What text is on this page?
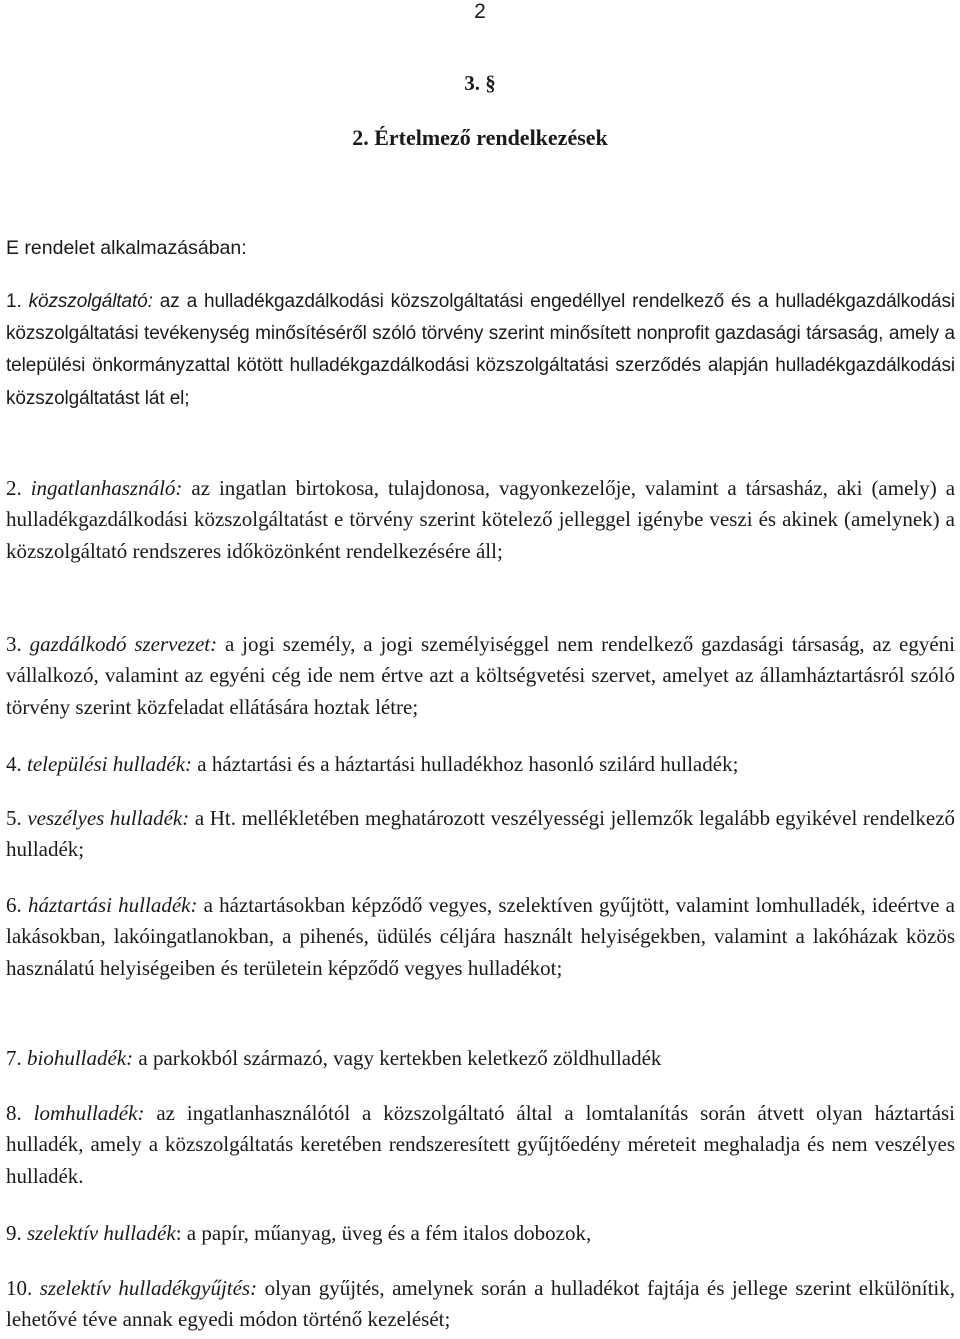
2
3. §
2. Értelmező rendelkezések
E rendelet alkalmazásában:

1. közszolgáltató: az a hulladékgazdálkodási közszolgáltatási engedéllyel rendelkező és a hulladékgazdálkodási közszolgáltatási tevékenység minősítéséről szóló törvény szerint minősített nonprofit gazdasági társaság, amely a települési önkormányzattal kötött hulladékgazdálkodási közszolgáltatási szerződés alapján hulladékgazdálkodási közszolgáltatást lát el;

2. ingatlanhasználó: az ingatlan birtokosa, tulajdonosa, vagyonkezelője, valamint a társasház, aki (amely) a hulladékgazdálkodási közszolgáltatást e törvény szerint kötelező jelleggel igénybe veszi és akinek (amelynek) a közszolgáltató rendszeres időközönként rendelkezésére áll;

3. gazdálkodó szervezet: a jogi személy, a jogi személyiséggel nem rendelkező gazdasági társaság, az egyéni vállalkozó, valamint az egyéni cég ide nem értve azt a költségvetési szervet, amelyet az államháztartásról szóló törvény szerint közfeladat ellátására hoztak létre;

4. települési hulladék: a háztartási és a háztartási hulladékhoz hasonló szilárd hulladék;

5. veszélyes hulladék: a Ht. mellékletében meghatározott veszélyességi jellemzők legalább egyikével rendelkező hulladék;

6. háztartási hulladék: a háztartásokban képződő vegyes, szelektíven gyűjtött, valamint lomhulladék, ideértve a lakásokban, lakóingatlanokban, a pihenés, üdülés céljára használt helyiségekben, valamint a lakóházak közös használatú helyiségeiben és területein képződő vegyes hulladékot;

7. biohulladék: a parkokból származó, vagy kertekben keletkező zöldhulladék

8. lomhulladék: az ingatlanhasználótól a közszolgáltató által a lomtalanítás során átvett olyan háztartási hulladék, amely a közszolgáltatás keretében rendszeresített gyűjtőedény méreteit meghaladja és nem veszélyes hulladék.

9. szelektív hulladék: a papír, műanyag, üveg és a fém italos dobozok,

10. szelektív hulladékgyűjtés: olyan gyűjtés, amelynek során a hulladékot fajtája és jellege szerint elkülönítik, lehetővé téve annak egyedi módon történő kezelését;
